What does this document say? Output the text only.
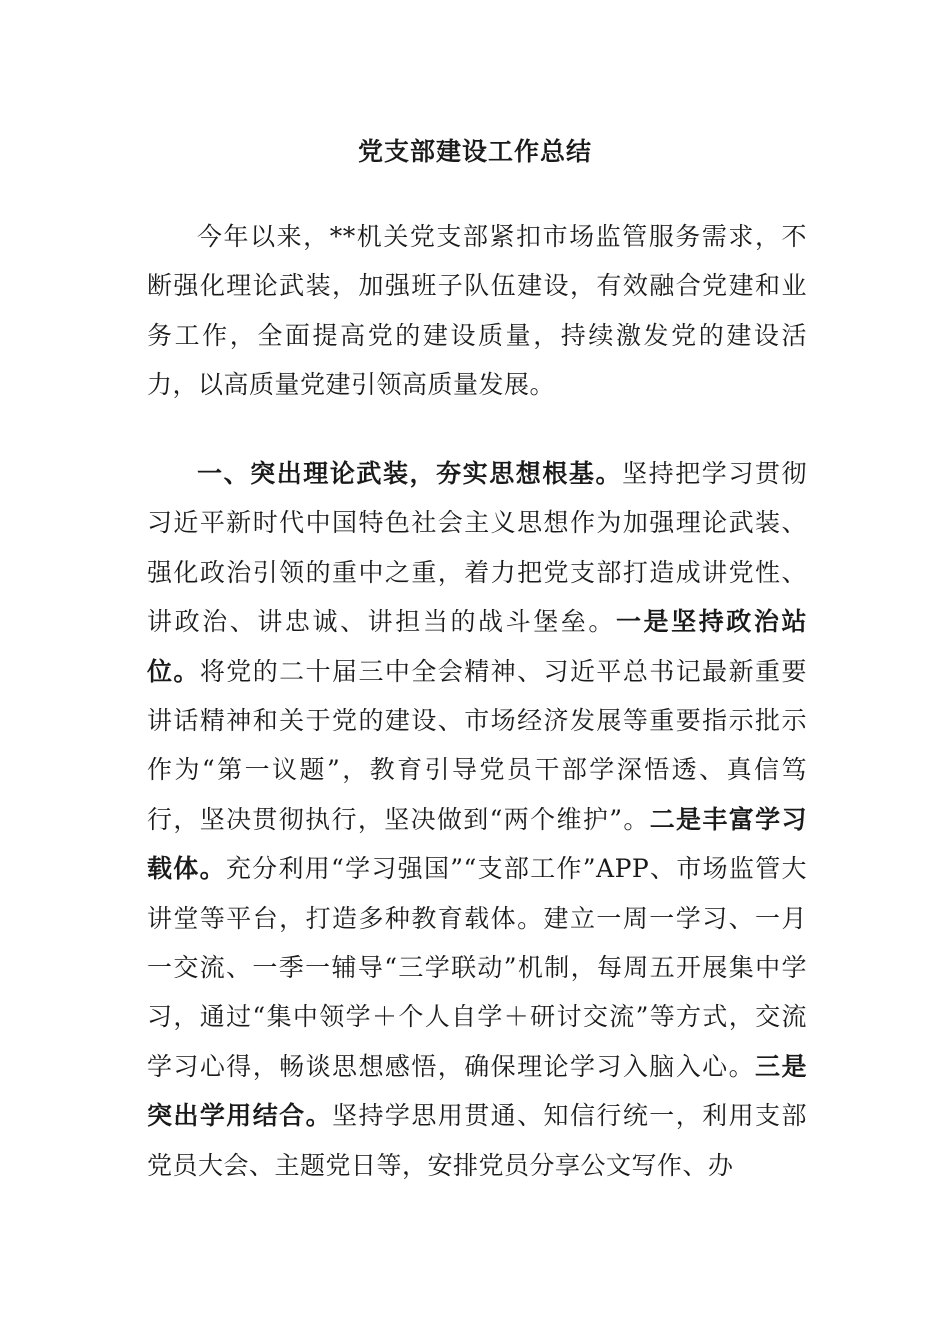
党支部建设工作总结

今年以来，**机关党支部紧扣市场监管服务需求，不断强化理论武装，加强班子队伍建设，有效融合党建和业务工作，全面提高党的建设质量，持续激发党的建设活力，以高质量党建引领高质量发展。

一、突出理论武装，夯实思想根基。坚持把学习贯彻习近平新时代中国特色社会主义思想作为加强理论武装、强化政治引领的重中之重，着力把党支部打造成讲党性、讲政治、讲忠诚、讲担当的战斗堡垒。一是坚持政治站位。将党的二十届三中全会精神、习近平总书记最新重要讲话精神和关于党的建设、市场经济发展等重要指示批示作为“第一议题”，教育引导党员干部学深悟透、真信笃行，坚决贯彻执行，坚决做到“两个维护”。二是丰富学习载体。充分利用“学习强国”“支部工作”APP、市场监管大讲堂等平台，打造多种教育载体。建立一周一学习、一月一交流、一季一辅导“三学联动”机制，每周五开展集中学习，通过“集中领学＋个人自学＋研讨交流”等方式，交流学习心得，畅谈思想感悟，确保理论学习入脑入心。三是突出学用结合。坚持学思用贯通、知信行统一，利用支部党员大会、主题党日等，安排党员分享公文写作、办
